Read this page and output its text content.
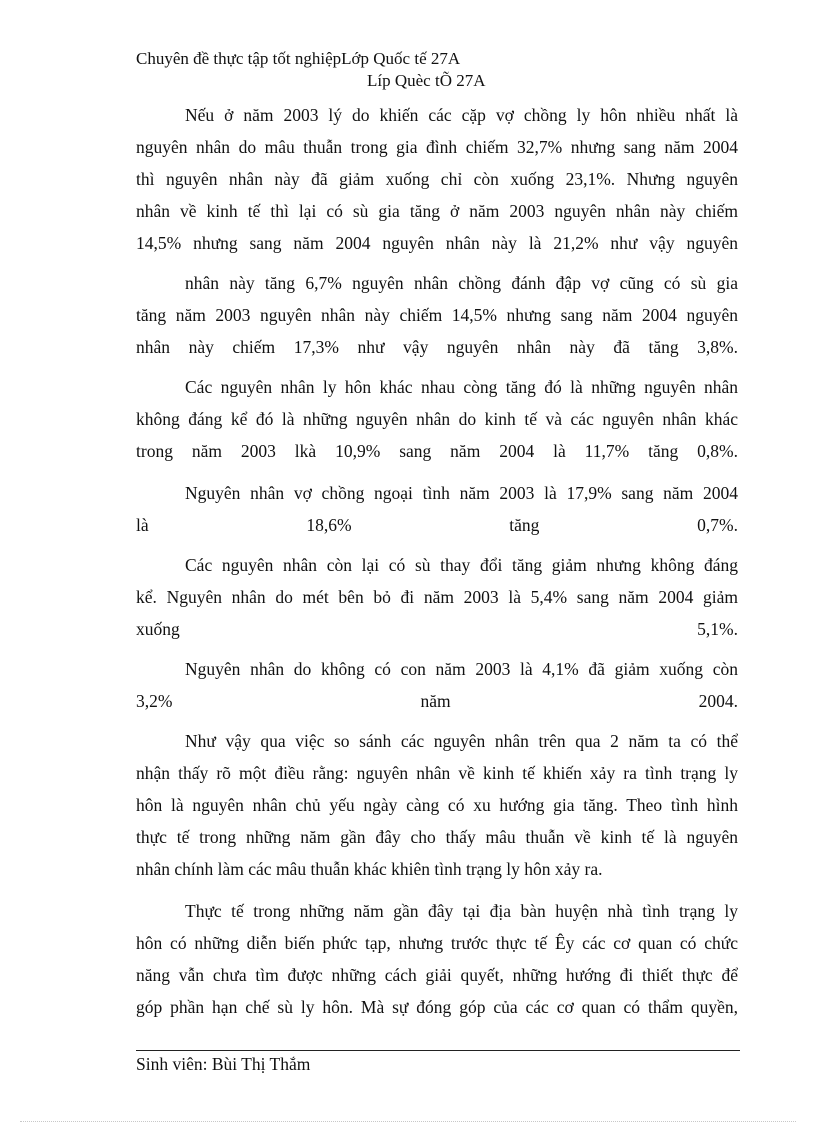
Chuyên đề thực tập tốt nghiệpLớp Quốc tế 27A
Líp Quèc tÕ 27A
Nếu ở năm 2003 lý do khiến các cặp vợ chồng ly hôn nhiều nhất là
nguyên nhân do mâu thuẫn trong gia đình chiếm 32,7% nhưng sang năm 2004
thì nguyên nhân này đã giảm xuống chỉ còn xuống 23,1%. Nhưng nguyên
nhân về kinh tế thì lại có sù gia tăng ở năm 2003 nguyên nhân này chiếm
14,5% nhưng sang năm 2004 nguyên nhân này là 21,2% như vậy nguyên
nhân này tăng 6,7% nguyên nhân chồng đánh đập vợ cũng có sù gia
tăng năm 2003 nguyên nhân này chiếm 14,5% nhưng sang năm 2004 nguyên
nhân này chiếm 17,3% như vậy nguyên nhân này đã tăng 3,8%.
Các nguyên nhân ly hôn khác nhau còng tăng đó là những nguyên nhân
không đáng kể đó là những nguyên nhân do kinh tế và các nguyên nhân khác
trong năm 2003 lkà 10,9% sang năm 2004 là 11,7% tăng 0,8%.
Nguyên nhân vợ chồng ngoại tình năm 2003 là 17,9% sang năm 2004
là 18,6% tăng 0,7%.
Các nguyên nhân còn lại có sù thay đổi tăng giảm nhưng không đáng
kể. Nguyên nhân do mét bên bỏ đi năm 2003 là 5,4% sang năm 2004 giảm
xuống 5,1%.
Nguyên nhân do không có con năm 2003 là 4,1% đã giảm xuống còn
3,2% năm 2004.
Như vậy qua việc so sánh các nguyên nhân trên qua 2 năm ta có thể
nhận thấy rõ một điều rằng: nguyên nhân về kinh tế khiến xảy ra tình trạng ly
hôn là nguyên nhân chủ yếu ngày càng có xu hướng gia tăng. Theo tình hình
thực tế trong những năm gần đây cho thấy mâu thuẫn về kinh tế là nguyên
nhân chính làm các mâu thuẫn khác khiên tình trạng ly hôn xảy ra.
Thực tế trong những năm gần đây tại địa bàn huyện nhà tình trạng ly
hôn có những diễn biến phức tạp, nhưng trước thực tế Êy các cơ quan có chức
năng vẫn chưa tìm được những cách giải quyết, những hướng đi thiết thực để
góp phần hạn chế sù ly hôn. Mà sự đóng góp của các cơ quan có thẩm quyền,
Sinh viên: Bùi Thị Thắm
